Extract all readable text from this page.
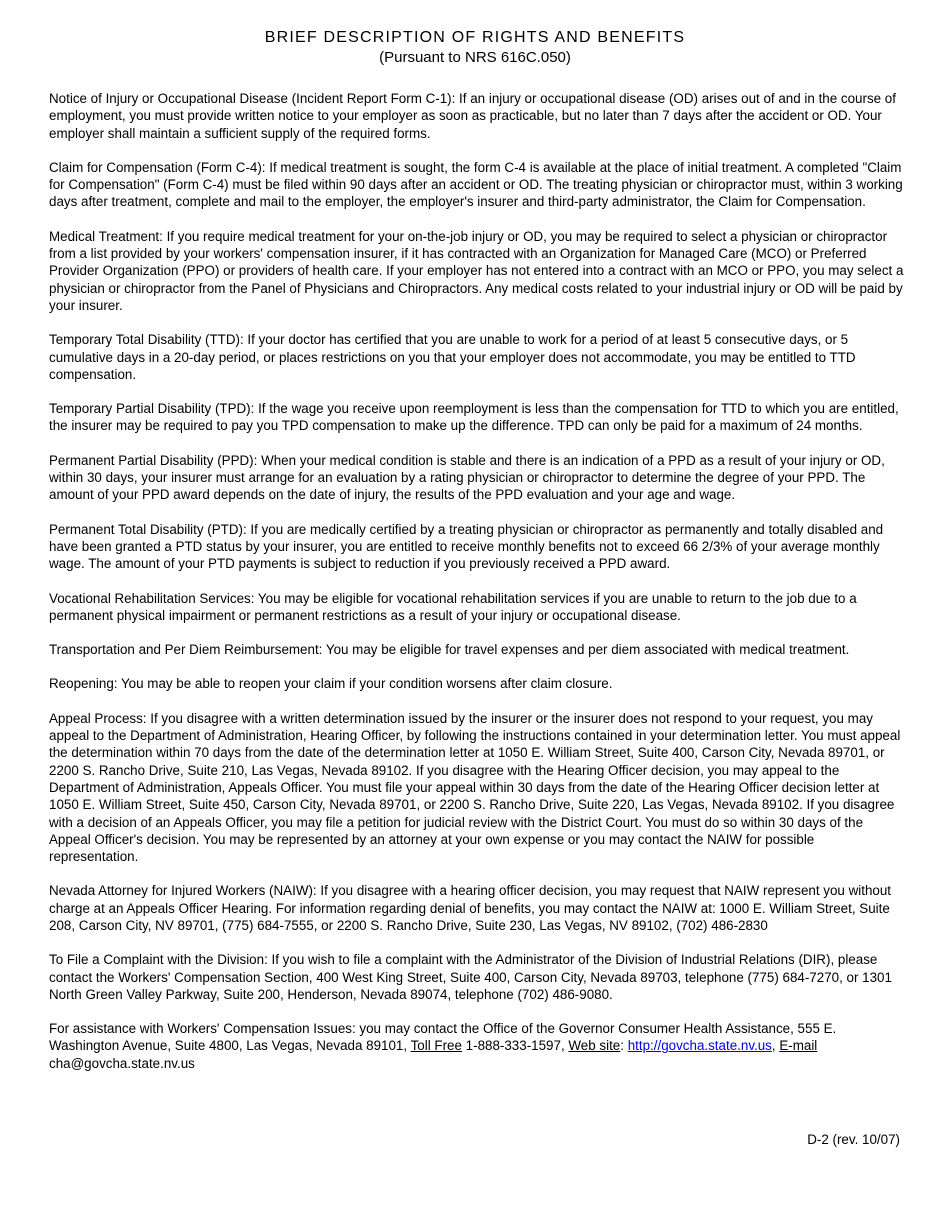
BRIEF DESCRIPTION OF RIGHTS AND BENEFITS
(Pursuant to NRS 616C.050)

Notice of Injury or Occupational Disease (Incident Report Form C-1): If an injury or occupational disease (OD) arises out of and in the course of employment, you must provide written notice to your employer as soon as practicable, but no later than 7 days after the accident or OD. Your employer shall maintain a sufficient supply of the required forms.

Claim for Compensation (Form C-4): If medical treatment is sought, the form C-4 is available at the place of initial treatment. A completed "Claim for Compensation" (Form C-4) must be filed within 90 days after an accident or OD. The treating physician or chiropractor must, within 3 working days after treatment, complete and mail to the employer, the employer's insurer and third-party administrator, the Claim for Compensation.

Medical Treatment: If you require medical treatment for your on-the-job injury or OD, you may be required to select a physician or chiropractor from a list provided by your workers' compensation insurer, if it has contracted with an Organization for Managed Care (MCO) or Preferred Provider Organization (PPO) or providers of health care. If your employer has not entered into a contract with an MCO or PPO, you may select a physician or chiropractor from the Panel of Physicians and Chiropractors. Any medical costs related to your industrial injury or OD will be paid by your insurer.

Temporary Total Disability (TTD): If your doctor has certified that you are unable to work for a period of at least 5 consecutive days, or 5 cumulative days in a 20-day period, or places restrictions on you that your employer does not accommodate, you may be entitled to TTD compensation.

Temporary Partial Disability (TPD): If the wage you receive upon reemployment is less than the compensation for TTD to which you are entitled, the insurer may be required to pay you TPD compensation to make up the difference. TPD can only be paid for a maximum of 24 months.

Permanent Partial Disability (PPD): When your medical condition is stable and there is an indication of a PPD as a result of your injury or OD, within 30 days, your insurer must arrange for an evaluation by a rating physician or chiropractor to determine the degree of your PPD. The amount of your PPD award depends on the date of injury, the results of the PPD evaluation and your age and wage.

Permanent Total Disability (PTD): If you are medically certified by a treating physician or chiropractor as permanently and totally disabled and have been granted a PTD status by your insurer, you are entitled to receive monthly benefits not to exceed 66 2/3% of your average monthly wage. The amount of your PTD payments is subject to reduction if you previously received a PPD award.

Vocational Rehabilitation Services: You may be eligible for vocational rehabilitation services if you are unable to return to the job due to a permanent physical impairment or permanent restrictions as a result of your injury or occupational disease.

Transportation and Per Diem Reimbursement: You may be eligible for travel expenses and per diem associated with medical treatment.

Reopening: You may be able to reopen your claim if your condition worsens after claim closure.

Appeal Process: If you disagree with a written determination issued by the insurer or the insurer does not respond to your request, you may appeal to the Department of Administration, Hearing Officer, by following the instructions contained in your determination letter. You must appeal the determination within 70 days from the date of the determination letter at 1050 E. William Street, Suite 400, Carson City, Nevada 89701, or 2200 S. Rancho Drive, Suite 210, Las Vegas, Nevada 89102. If you disagree with the Hearing Officer decision, you may appeal to the Department of Administration, Appeals Officer. You must file your appeal within 30 days from the date of the Hearing Officer decision letter at 1050 E. William Street, Suite 450, Carson City, Nevada 89701, or 2200 S. Rancho Drive, Suite 220, Las Vegas, Nevada 89102. If you disagree with a decision of an Appeals Officer, you may file a petition for judicial review with the District Court. You must do so within 30 days of the Appeal Officer's decision. You may be represented by an attorney at your own expense or you may contact the NAIW for possible representation.

Nevada Attorney for Injured Workers (NAIW): If you disagree with a hearing officer decision, you may request that NAIW represent you without charge at an Appeals Officer Hearing. For information regarding denial of benefits, you may contact the NAIW at: 1000 E. William Street, Suite 208, Carson City, NV 89701, (775) 684-7555, or 2200 S. Rancho Drive, Suite 230, Las Vegas, NV 89102, (702) 486-2830

To File a Complaint with the Division: If you wish to file a complaint with the Administrator of the Division of Industrial Relations (DIR), please contact the Workers' Compensation Section, 400 West King Street, Suite 400, Carson City, Nevada 89703, telephone (775) 684-7270, or 1301 North Green Valley Parkway, Suite 200, Henderson, Nevada 89074, telephone (702) 486-9080.

For assistance with Workers' Compensation Issues: you may contact the Office of the Governor Consumer Health Assistance, 555 E. Washington Avenue, Suite 4800, Las Vegas, Nevada 89101, Toll Free 1-888-333-1597, Web site: http://govcha.state.nv.us, E-mail
cha@govcha.state.nv.us

D-2 (rev. 10/07)
